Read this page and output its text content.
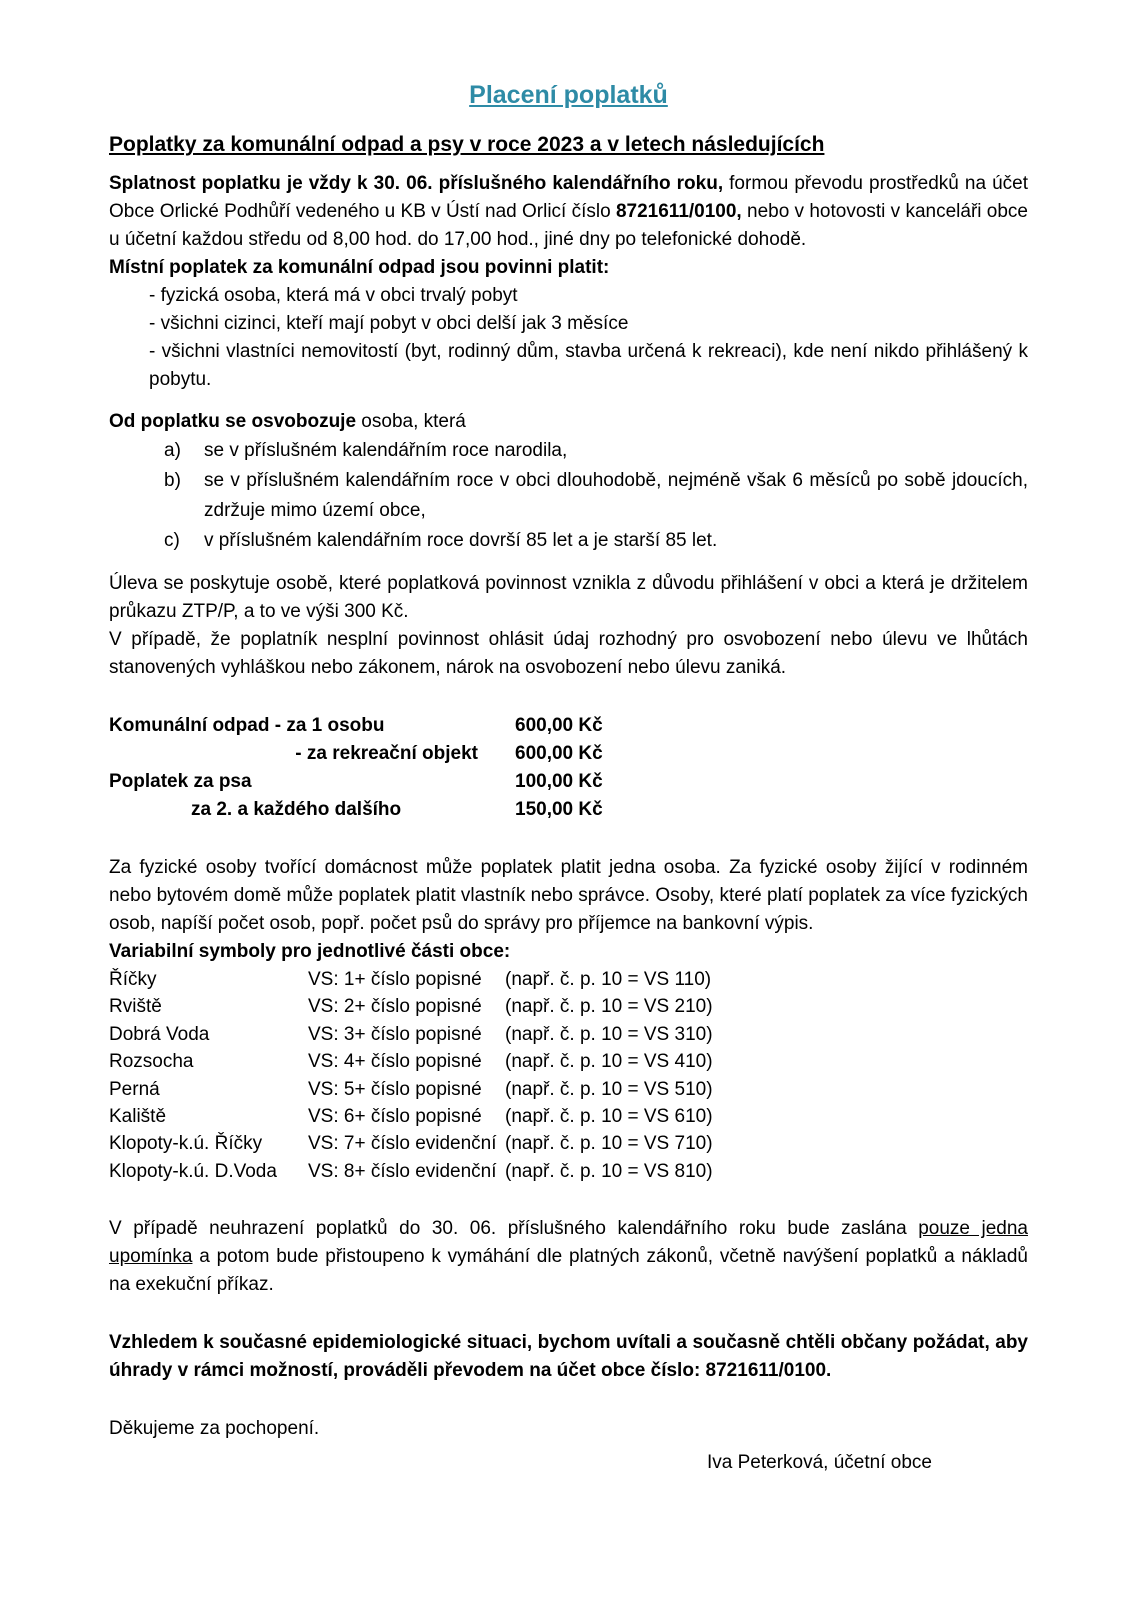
Placení poplatků
Poplatky za komunální odpad a psy v roce 2023 a v letech následujících

Splatnost poplatku je vždy k 30. 06. příslušného kalendářního roku, formou převodu prostředků na účet Obce Orlické Podhůří vedeného u KB v Ústí nad Orlicí číslo 8721611/0100, nebo v hotovosti v kanceláři obce u účetní každou středu od 8,00 hod. do 17,00 hod., jiné dny po telefonické dohodě.

Místní poplatek za komunální odpad jsou povinni platit:

- fyzická osoba, která má v obci trvalý pobyt
- všichni cizinci, kteří mají pobyt v obci delší jak 3 měsíce
- všichni vlastníci nemovitostí (byt, rodinný dům, stavba určená k rekreaci), kde není nikdo přihlášený k pobytu.

Od poplatku se osvobozuje osoba, která

a)	se v příslušném kalendářním roce narodila,
b)	se v příslušném kalendářním roce v obci dlouhodobě, nejméně však 6 měsíců po sobě jdoucích, zdržuje mimo území obce,
c)	v příslušném kalendářním roce dovrší 85 let a je starší 85 let.

Úleva se poskytuje osobě, které poplatková povinnost vznikla z důvodu přihlášení v obci a která je držitelem průkazu ZTP/P, a to ve výši 300 Kč.

V případě, že poplatník nesplní povinnost ohlásit údaj rozhodný pro osvobození nebo úlevu ve lhůtách stanovených vyhláškou nebo zákonem, nárok na osvobození nebo úlevu zaniká.

Komunální odpad - za 1 osobu	600,00 Kč
- za rekreační objekt	600,00 Kč
Poplatek za psa	100,00 Kč
za 2. a každého dalšího	150,00 Kč

Za fyzické osoby tvořící domácnost může poplatek platit jedna osoba. Za fyzické osoby žijící v rodinném nebo bytovém domě může poplatek platit vlastník nebo správce. Osoby, které platí poplatek za více fyzických osob, napíší počet osob, popř. počet psů do správy pro příjemce na bankovní výpis.

Variabilní symboly pro jednotlivé části obce:

Říčky	VS: 1+ číslo popisné	(např. č. p. 10 = VS 110)
Rviště	VS: 2+ číslo popisné	(např. č. p. 10 = VS 210)
Dobrá Voda	VS: 3+ číslo popisné	(např. č. p. 10 = VS 310)
Rozsocha	VS: 4+ číslo popisné	(např. č. p. 10 = VS 410)
Perná	VS: 5+ číslo popisné	(např. č. p. 10 = VS 510)
Kaliště	VS: 6+ číslo popisné	(např. č. p. 10 = VS 610)
Klopoty-k.ú. Říčky	VS: 7+ číslo evidenční	(např. č. p. 10 = VS 710)
Klopoty-k.ú. D.Voda	VS: 8+ číslo evidenční	(např. č. p. 10 = VS 810)

V případě neuhrazení poplatků do 30. 06. příslušného kalendářního roku bude zaslána pouze jedna upomínka a potom bude přistoupeno k vymáhání dle platných zákonů, včetně navýšení poplatků a nákladů na exekuční příkaz.

Vzhledem k současné epidemiologické situaci, bychom uvítali a současně chtěli občany požádat, aby úhrady v rámci možností, prováděli převodem na účet obce číslo: 8721611/0100.

Děkujeme za pochopení.

Iva Peterková, účetní obce
